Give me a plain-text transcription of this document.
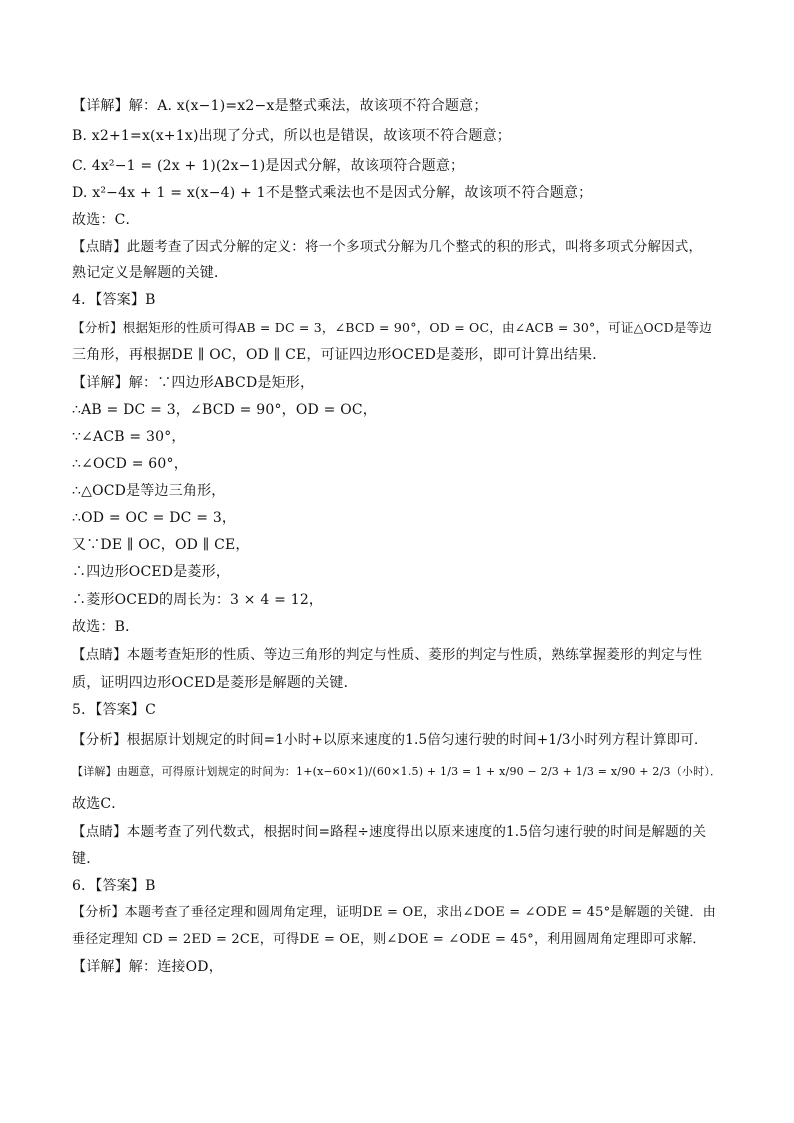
【详解】解：A. x(x−1)=x2−x是整式乘法，故该项不符合题意；
B. x2+1=x(x+1x)出现了分式，所以也是错误，故该项不符合题意；
C. 4x²−1 = (2x + 1)(2x−1)是因式分解，故该项符合题意；
D. x²−4x + 1 = x(x−4) + 1不是整式乘法也不是因式分解，故该项不符合题意；
故选：C．
【点睛】此题考查了因式分解的定义：将一个多项式分解为几个整式的积的形式，叫将多项式分解因式，
熟记定义是解题的关键．
4．【答案】B
【分析】根据矩形的性质可得AB = DC = 3，∠BCD = 90°，OD = OC，由∠ACB = 30°，可证△OCD是等边
三角形，再根据DE ∥ OC，OD ∥ CE，可证四边形OCED是菱形，即可计算出结果．
【详解】解：∵四边形ABCD是矩形，
∴AB = DC = 3，∠BCD = 90°，OD = OC，
∵∠ACB = 30°，
∴∠OCD = 60°，
∴△OCD是等边三角形，
∴OD = OC = DC = 3，
又∵DE ∥ OC，OD ∥ CE，
∴四边形OCED是菱形，
∴菱形OCED的周长为：3 × 4 = 12，
故选：B．
【点睛】本题考查矩形的性质、等边三角形的判定与性质、菱形的判定与性质，熟练掌握菱形的判定与性
质，证明四边形OCED是菱形是解题的关键．
5．【答案】C
【分析】根据原计划规定的时间=1小时+以原来速度的1.5倍匀速行驶的时间+1/3小时列方程计算即可．
【详解】由题意，可得原计划规定的时间为：1+(x−60×1)/(60×1.5) + 1/3 = 1 + x/90 − 2/3 + 1/3 = x/90 + 2/3（小时）．
故选C．
【点睛】本题考查了列代数式，根据时间=路程÷速度得出以原来速度的1.5倍匀速行驶的时间是解题的关
键．
6．【答案】B
【分析】本题考查了垂径定理和圆周角定理，证明DE = OE，求出∠DOE = ∠ODE = 45°是解题的关键．由
垂径定理知 CD = 2ED = 2CE，可得DE = OE，则∠DOE = ∠ODE = 45°，利用圆周角定理即可求解．
【详解】解：连接OD，
